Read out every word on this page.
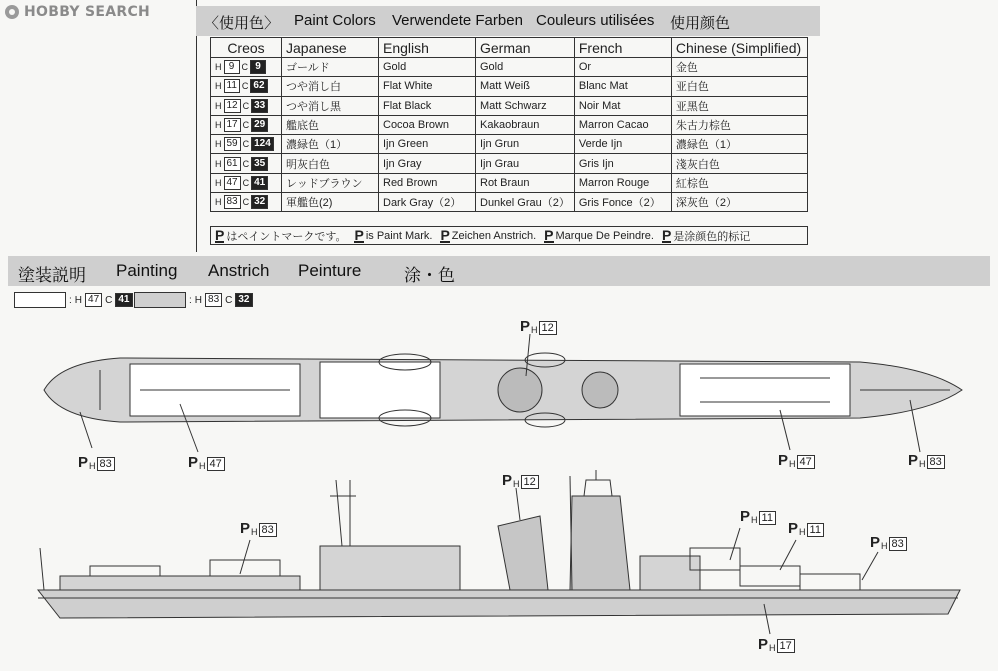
HOBBY SEARCH
〈使用色〉 Paint Colors Verwendete Farben Couleurs utilisées 使用颜色
Creos	Japanese	English	German	French	Chinese (Simplified)

H 9 C 9	ゴールド	Gold	Gold	Or	金色

H 11 C 62	つや消し白	Flat White	Matt Weiß	Blanc Mat	亚白色

H 12 C 33	つや消し黒	Flat Black	Matt Schwarz	Noir Mat	亚黑色

H 17 C 29	艦底色	Cocoa Brown	Kakaobraun	Marron Cacao	朱古力棕色

H 59 C 124	濃緑色（1）	Ijn Green	Ijn Grun	Verde Ijn	濃緑色（1）

H 61 C 35	明灰白色	Ijn Gray	Ijn Grau	Gris Ijn	淺灰白色

H 47 C 41	レッドブラウン	Red Brown	Rot Braun	Marron Rouge	紅棕色

H 83 C 32	軍艦色(2)	Dark Gray（2）	Dunkel Grau（2）	Gris Fonce（2）	深灰色（2）
P はペイントマークです。 P is Paint Mark. P Zeichen Anstrich. P Marque De Peindre. P 是涂颜色的标记
塗装説明 Painting Anstrich Peinture	涂・色
: H 47 C 41	: H 83 C 32
P H 12
P H 83	P H 47	P H 47	P H 83
P H 12
P H 83
P H 11
P H 11
P H 83
P H 17
